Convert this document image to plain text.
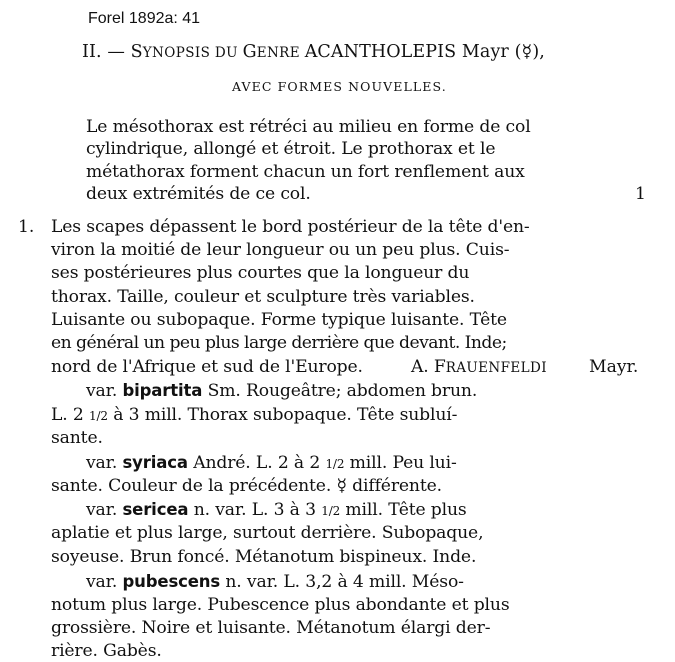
Forel 1892a: 41
II. — SYNOPSIS DU GENRE ACANTHOLEPIS Mayr (☿),
AVEC FORMES NOUVELLES.
Le mésothorax est rétréci au milieu en forme de col
cylindrique, allongé et étroit. Le prothorax et le
métathorax forment chacun un fort renflement aux
deux extrémités de ce col.	1
1. Les scapes dépassent le bord postérieur de la tête d'en-
viron la moitié de leur longueur ou un peu plus. Cuis-
ses postérieures plus courtes que la longueur du
thorax. Taille, couleur et sculpture très variables.
Luisante ou subopaque. Forme typique luisante. Tête
en général un peu plus large derrière que devant. Inde;
nord de l'Afrique et sud de l'Europe.	A. FRAUENFELDI Mayr.
var. bipartita Sm. Rougeâtre; abdomen brun.
L. 2 1/2 à 3 mill. Thorax subopaque. Tête subluí-
sante.
var. syriaca André. L. 2 à 2 1/2 mill. Peu lui-
sante. Couleur de la précédente. ☿ différente.
var. sericea n. var. L. 3 à 3 1/2 mill. Tête plus
aplatie et plus large, surtout derrière. Subopaque,
soyeuse. Brun foncé. Métanotum bispineux. Inde.
var. pubescens n. var. L. 3,2 à 4 mill. Méso-
notum plus large. Pubescence plus abondante et plus
grossière. Noire et luisante. Métanotum élargi der-
rière. Gabès.
